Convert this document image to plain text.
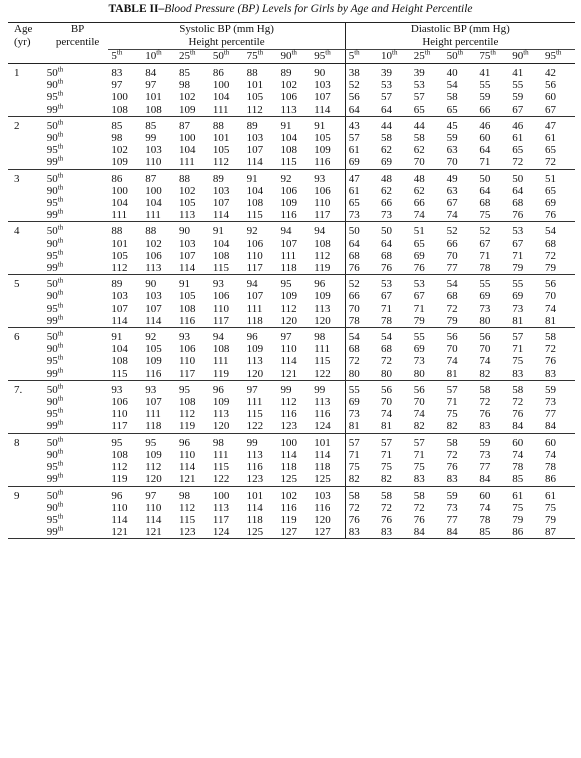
TABLE II–Blood Pressure (BP) Levels for Girls by Age and Height Percentile
Age	BP	Systolic BP (mm Hg)							Diastolic BP (mm Hg)						
(yr)	percentile	Height percentile							Height percentile						
		5th	10th	25th	50th	75th	90th	95th	5th	10th	25th	50th	75th	90th	95th
1	50th	83	84	85	86	88	89	90	38	39	39	40	41	41	42
	90th	97	97	98	100	101	102	103	52	53	53	54	55	55	56
	95th	100	101	102	104	105	106	107	56	57	57	58	59	59	60
	99th	108	108	109	111	112	113	114	64	64	65	65	66	67	67
2	50th	85	85	87	88	89	91	91	43	44	44	45	46	46	47
	90th	98	99	100	101	103	104	105	57	58	58	59	60	61	61
	95th	102	103	104	105	107	108	109	61	62	62	63	64	65	65
	99th	109	110	111	112	114	115	116	69	69	70	70	71	72	72
3	50th	86	87	88	89	91	92	93	47	48	48	49	50	50	51
	90th	100	100	102	103	104	106	106	61	62	62	63	64	64	65
	95th	104	104	105	107	108	109	110	65	66	66	67	68	68	69
	99th	111	111	113	114	115	116	117	73	73	74	74	75	76	76
4	50th	88	88	90	91	92	94	94	50	50	51	52	52	53	54
	90th	101	102	103	104	106	107	108	64	64	65	66	67	67	68
	95th	105	106	107	108	110	111	112	68	68	69	70	71	71	72
	99th	112	113	114	115	117	118	119	76	76	76	77	78	79	79
5	50th	89	90	91	93	94	95	96	52	53	53	54	55	55	56
	90th	103	103	105	106	107	109	109	66	67	67	68	69	69	70
	95th	107	107	108	110	111	112	113	70	71	71	72	73	73	74
	99th	114	114	116	117	118	120	120	78	78	79	79	80	81	81
6	50th	91	92	93	94	96	97	98	54	54	55	56	56	57	58
	90th	104	105	106	108	109	110	111	68	68	69	70	70	71	72
	95th	108	109	110	111	113	114	115	72	72	73	74	74	75	76
	99th	115	116	117	119	120	121	122	80	80	80	81	82	83	83
7.	50th	93	93	95	96	97	99	99	55	56	56	57	58	58	59
	90th	106	107	108	109	111	112	113	69	70	70	71	72	72	73
	95th	110	111	112	113	115	116	116	73	74	74	75	76	76	77
	99th	117	118	119	120	122	123	124	81	81	82	82	83	84	84
8	50th	95	95	96	98	99	100	101	57	57	57	58	59	60	60
	90th	108	109	110	111	113	114	114	71	71	71	72	73	74	74
	95th	112	112	114	115	116	118	118	75	75	75	76	77	78	78
	99th	119	120	121	122	123	125	125	82	82	83	83	84	85	86
9	50th	96	97	98	100	101	102	103	58	58	58	59	60	61	61
	90th	110	110	112	113	114	116	116	72	72	72	73	74	75	75
	95th	114	114	115	117	118	119	120	76	76	76	77	78	79	79
	99th	121	121	123	124	125	127	127	83	83	84	84	85	86	87
